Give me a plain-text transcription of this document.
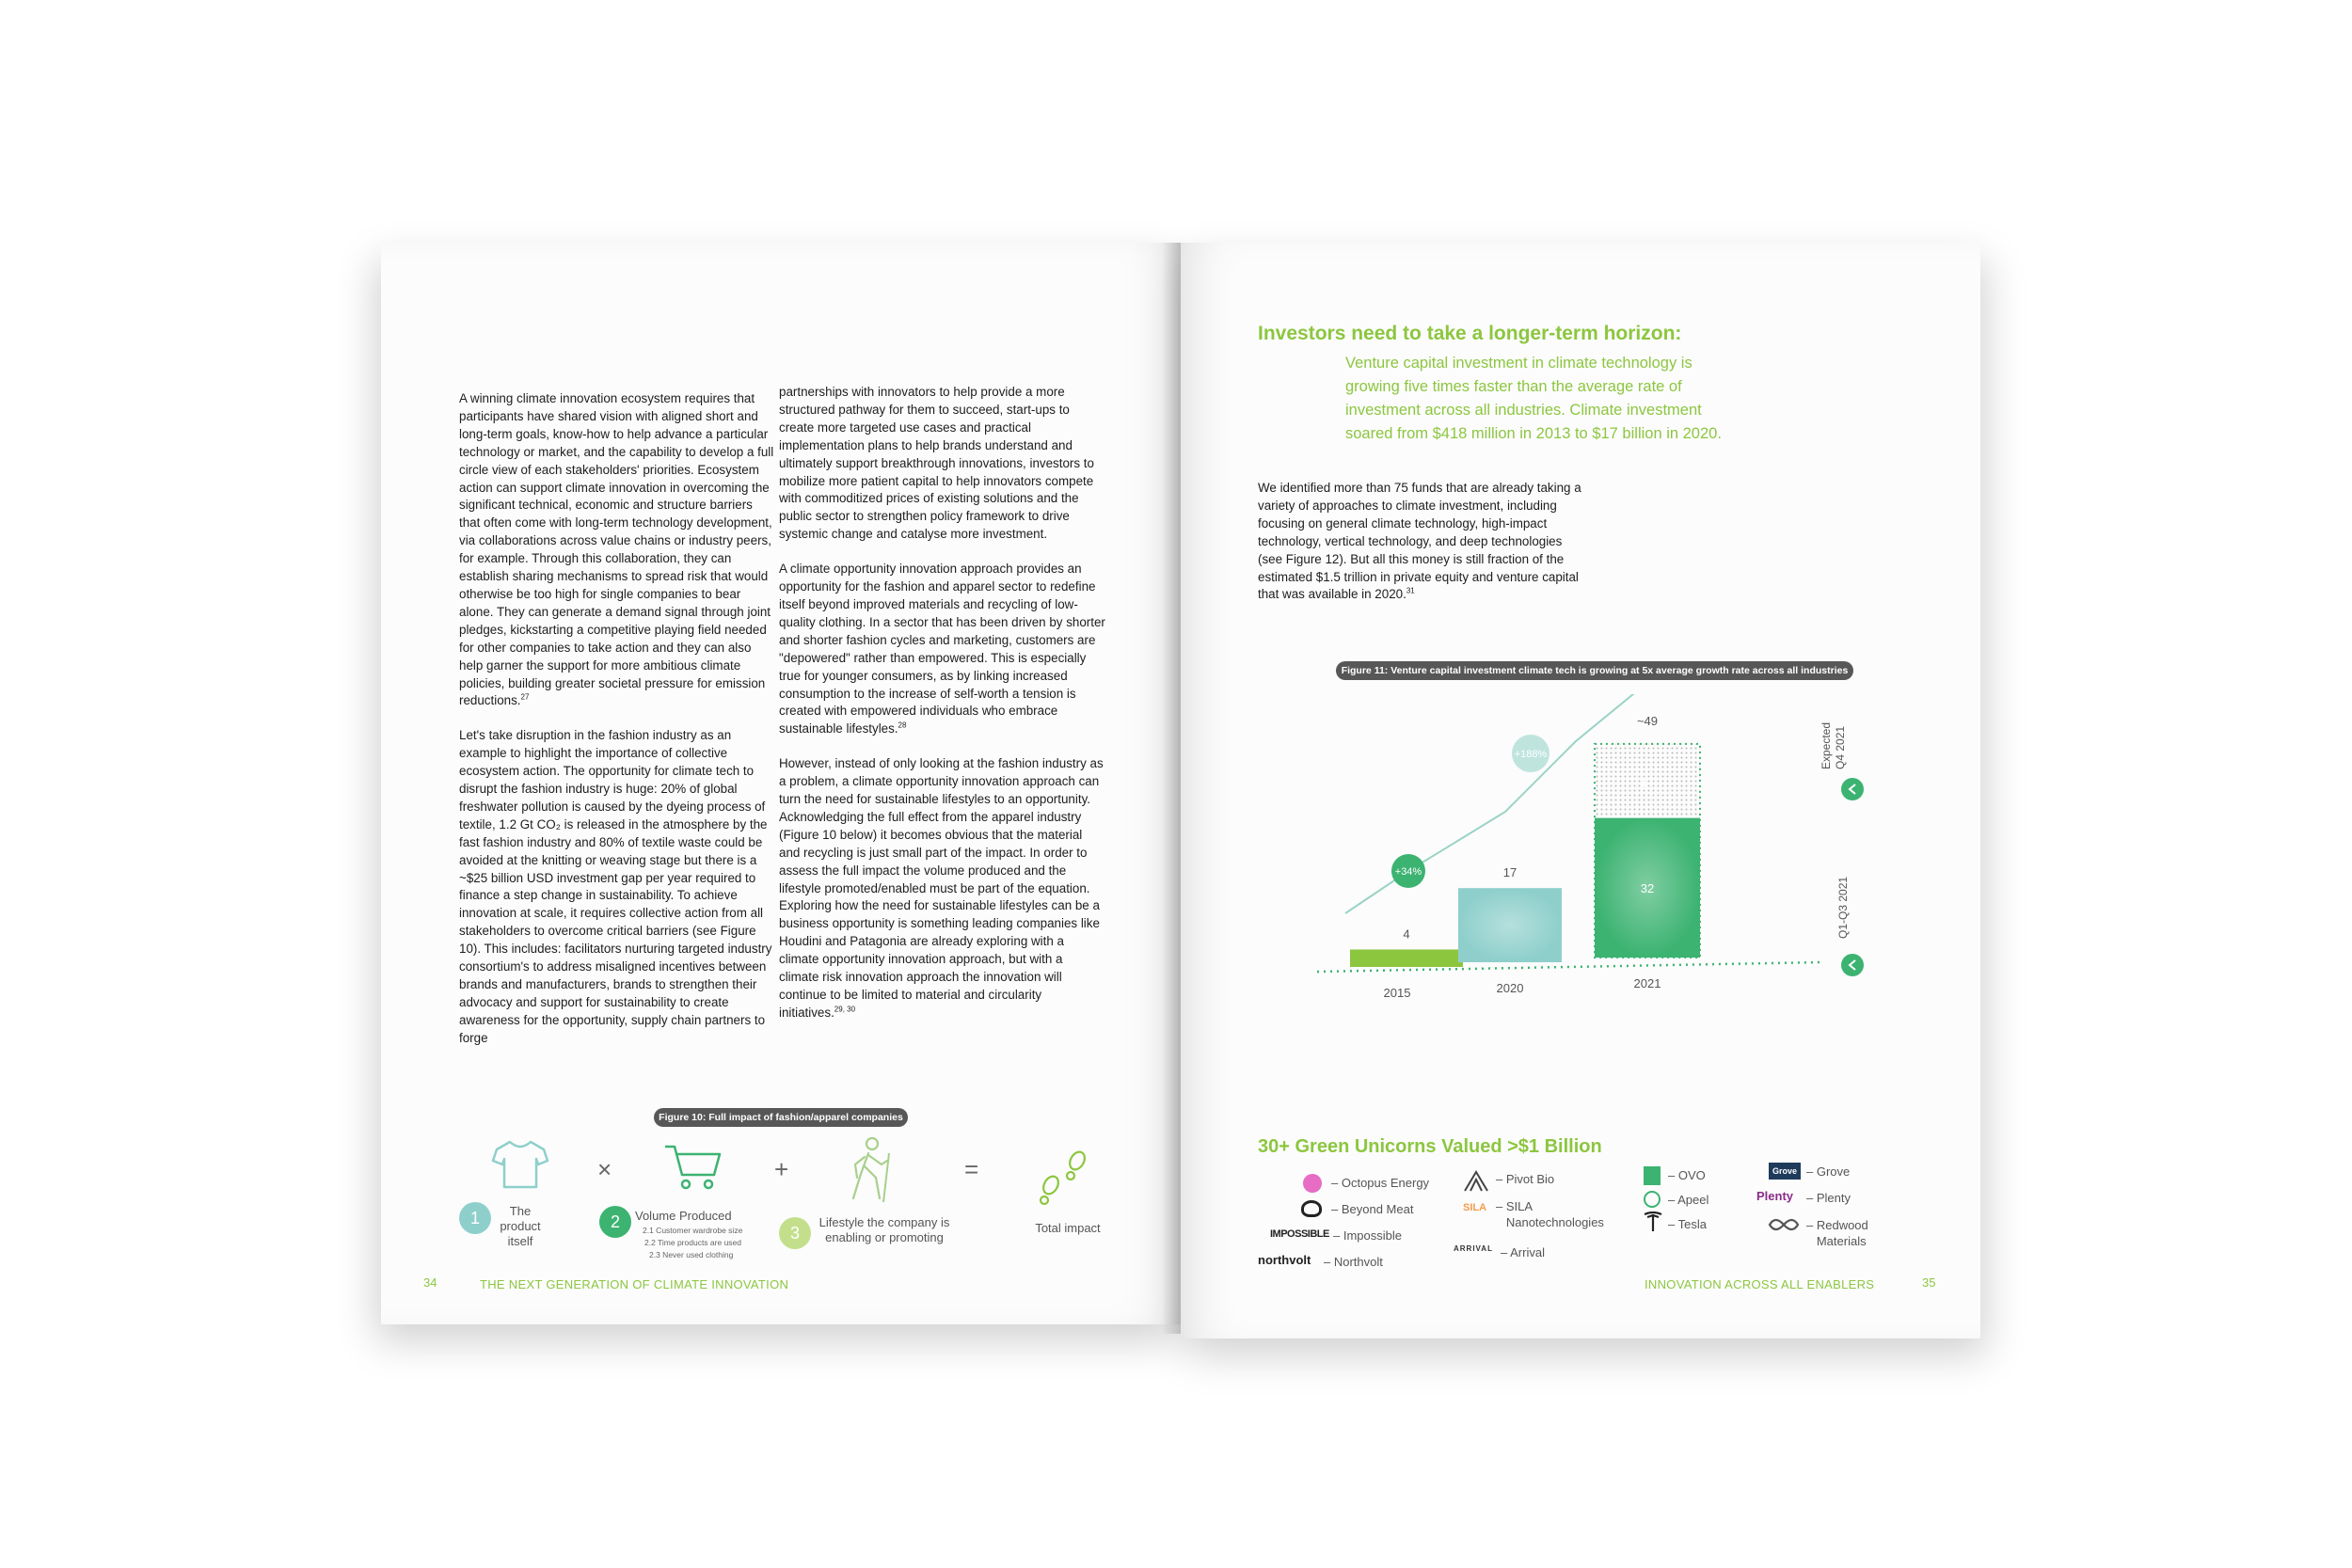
A winning climate innovation ecosystem requires that participants have shared vision with aligned short and long-term goals, know-how to help advance a particular technology or market, and the capability to develop a full circle view of each stakeholders' priorities. Ecosystem action can support climate innovation in overcoming the significant technical, economic and structure barriers that often come with long-term technology development, via collaborations across value chains or industry peers, for example. Through this collaboration, they can establish sharing mechanisms to spread risk that would otherwise be too high for single companies to bear alone. They can generate a demand signal through joint pledges, kickstarting a competitive playing field needed for other companies to take action and they can also help garner the support for more ambitious climate policies, building greater societal pressure for emission reductions.$^{27}$

Let's take disruption in the fashion industry as an example to highlight the importance of collective ecosystem action. The opportunity for climate tech to disrupt the fashion industry is huge: 20% of global freshwater pollution is caused by the dyeing process of textile, 1.2 Gt CO₂ is released in the atmosphere by the fast fashion industry and 80% of textile waste could be avoided at the knitting or weaving stage but there is a ~$25 billion USD investment gap per year required to finance a step change in sustainability. To achieve innovation at scale, it requires collective action from all stakeholders to overcome critical barriers (see Figure 10). This includes: facilitators nurturing targeted industry consortium's to address misaligned incentives between brands and manufacturers, brands to strengthen their advocacy and support for sustainability to create awareness for the opportunity, supply chain partners to forge

partnerships with innovators to help provide a more structured pathway for them to succeed, start-ups to create more targeted use cases and practical implementation plans to help brands understand and ultimately support breakthrough innovations, investors to mobilize more patient capital to help innovators compete with commoditized prices of existing solutions and the public sector to strengthen policy framework to drive systemic change and catalyse more investment.

A climate opportunity innovation approach provides an opportunity for the fashion and apparel sector to redefine itself beyond improved materials and recycling of low-quality clothing. In a sector that has been driven by shorter and shorter fashion cycles and marketing, customers are "depowered" rather than empowered. This is especially true for younger consumers, as by linking increased consumption to the increase of self-worth a tension is created with empowered individuals who embrace sustainable lifestyles.$^{28}$

However, instead of only looking at the fashion industry as a problem, a climate opportunity innovation approach can turn the need for sustainable lifestyles to an opportunity. Acknowledging the full effect from the apparel industry (Figure 10 below) it becomes obvious that the material and recycling is just small part of the impact. In order to assess the full impact the volume produced and the lifestyle promoted/enabled must be part of the equation. Exploring how the need for sustainable lifestyles can be a business opportunity is something leading companies like Houdini and Patagonia are already exploring with a climate opportunity innovation approach, but with a climate risk innovation approach the innovation will continue to be limited to material and circularity initiatives.$^{29, 30}$

Figure 10: Full impact of fashion/apparel companies
1	The product itself
×
2	Volume Produced
2.1 Customer wardrobe size
2.2 Time products are used
2.3 Never used clothing
+
3
Lifestyle the company is enabling or promoting
=
Total impact
34	THE NEXT GENERATION OF CLIMATE INNOVATION
Investors need to take a longer-term horizon:
Venture capital investment in climate technology is growing five times faster than the average rate of investment across all industries. Climate investment soared from $418 million in 2013 to $17 billion in 2020.

We identified more than 75 funds that are already taking a variety of approaches to climate investment, including focusing on general climate technology, high-impact technology, vertical technology, and deep technologies (see Figure 12). But all this money is still fraction of the estimated $1.5 trillion in private equity and venture capital that was available in 2020.31

Figure 11: Venture capital investment climate tech is growing at 5x average growth rate across all industries
4
2015
17
2020
32
2021
17
~49
+34%
+188%	ExpectedQ4 2021
Q1-Q3 2021
30+ Green Unicorns Valued >$1 Billion
– Octopus Energy
– Beyond Meat
IMPOSSIBLE – Impossible
northvolt – Northvolt
– Pivot Bio
SILA – SILA Nanotechnologies
ARRIVAL – Arrival
– OVO
– Apeel
– Tesla
Grove – Grove
Plenty – Plenty
– Redwood Materials
INNOVATION ACROSS ALL ENABLERS	35
